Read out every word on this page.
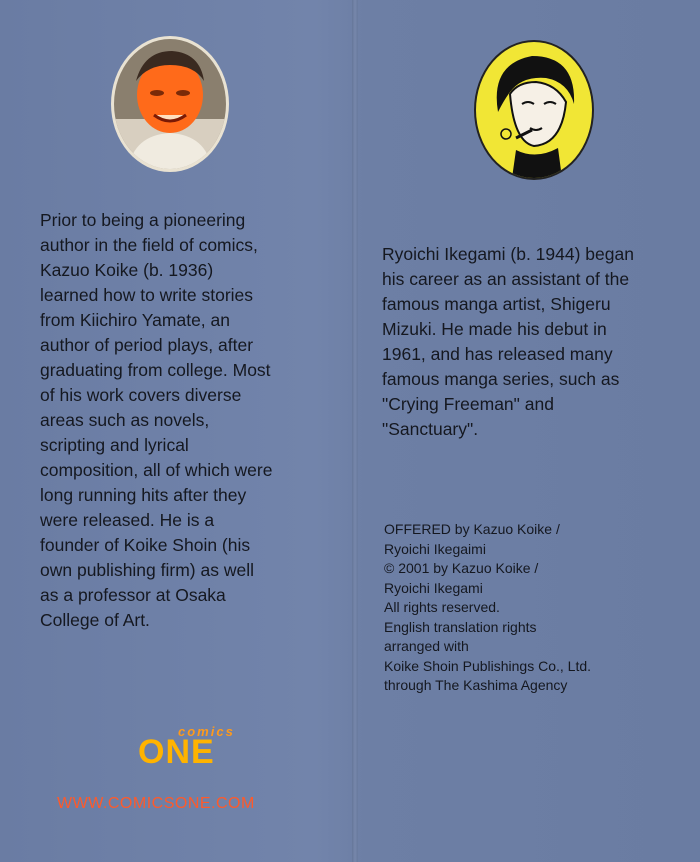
Prior to being a pioneering
author in the field of comics,
Kazuo Koike (b. 1936)
learned how to write stories
from Kiichiro Yamate, an
author of period plays, after
graduating from college. Most
of his work covers diverse
areas such as novels,
scripting and lyrical
composition, all of which were
long running hits after they
were released. He is a
founder of Koike Shoin (his
own publishing firm) as well
as a professor at Osaka
College of Art.

Ryoichi Ikegami (b. 1944) began
his career as an assistant of the
famous manga artist, Shigeru
Mizuki. He made his debut in
1961, and has released many
famous manga series, such as
"Crying Freeman" and
"Sanctuary".

OFFERED by Kazuo Koike /
Ryoichi Ikegaimi
© 2001 by Kazuo Koike /
Ryoichi Ikegami
All rights reserved.
English translation rights
arranged with
Koike Shoin Publishings Co., Ltd.
through The Kashima Agency

comics
ONE
WWW.COMICSONE.COM
